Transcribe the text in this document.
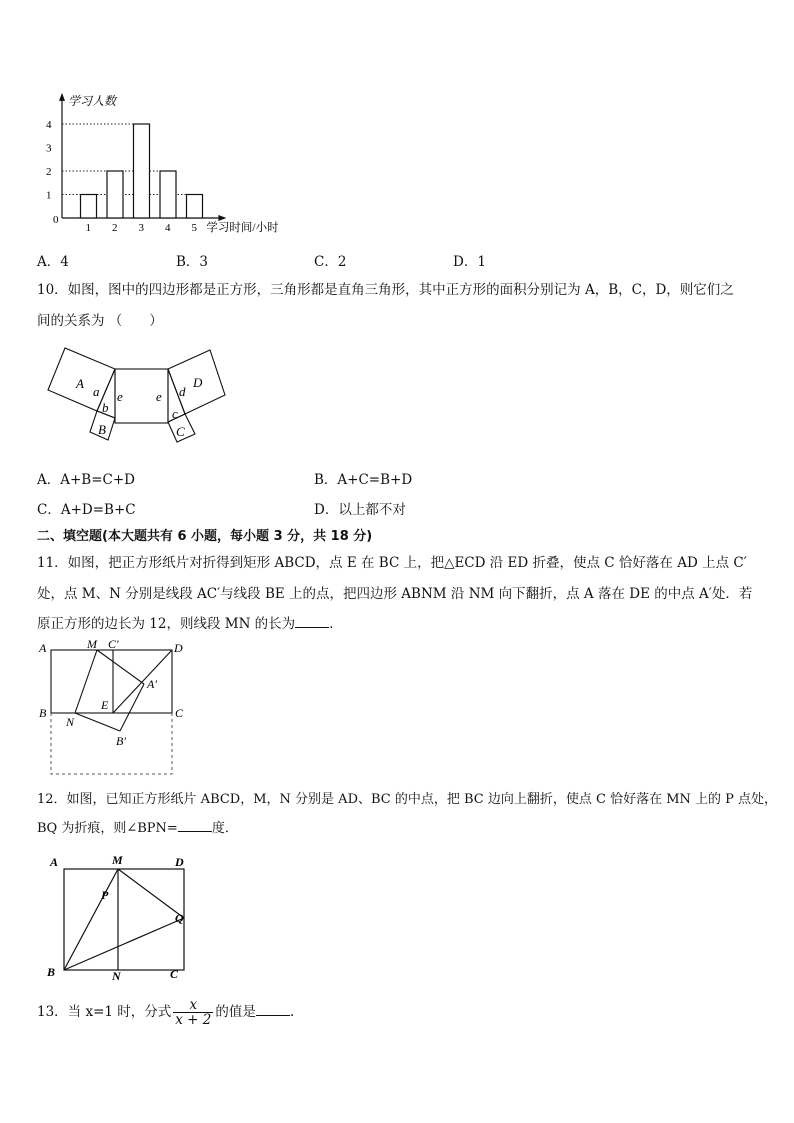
学习人数
学习时间/小时
0
1
2
3
4
1 2 3 4 5
A．4	B．3	C．2	D．1
10．如图，图中的四边形都是正方形，三角形都是直角三角形，其中正方形的面积分别记为 A，B，C，D，则它们之
间的关系为 （　　）
A
a
b
B
e	e
D
d
c
C
A．A+B=C+D	B．A+C=B+D
C．A+D=B+C	D．以上都不对
二、填空题(本大题共有 6 小题，每小题 3 分，共 18 分)
11．如图，把正方形纸片对折得到矩形 ABCD，点 E 在 BC 上，把△ECD 沿 ED 折叠，使点 C 恰好落在 AD 上点 C′
处，点 M、N 分别是线段 AC′与线段 BE 上的点，把四边形 ABNM 沿 NM 向下翻折，点 A 落在 DE 的中点 A′处．若
原正方形的边长为 12，则线段 MN 的长为	．
A	M C′	D
A′
E
B
N
C
B′
12．如图，已知正方形纸片 ABCD，M，N 分别是 AD、BC 的中点，把 BC 边向上翻折，使点 C 恰好落在 MN 上的 P 点处，
BQ 为折痕，则∠BPN=	度．
A	M	D
P
Q
B	N	C
13．当 x=1 时，分式 $\frac{x}{x + 2}$ 的值是	.
